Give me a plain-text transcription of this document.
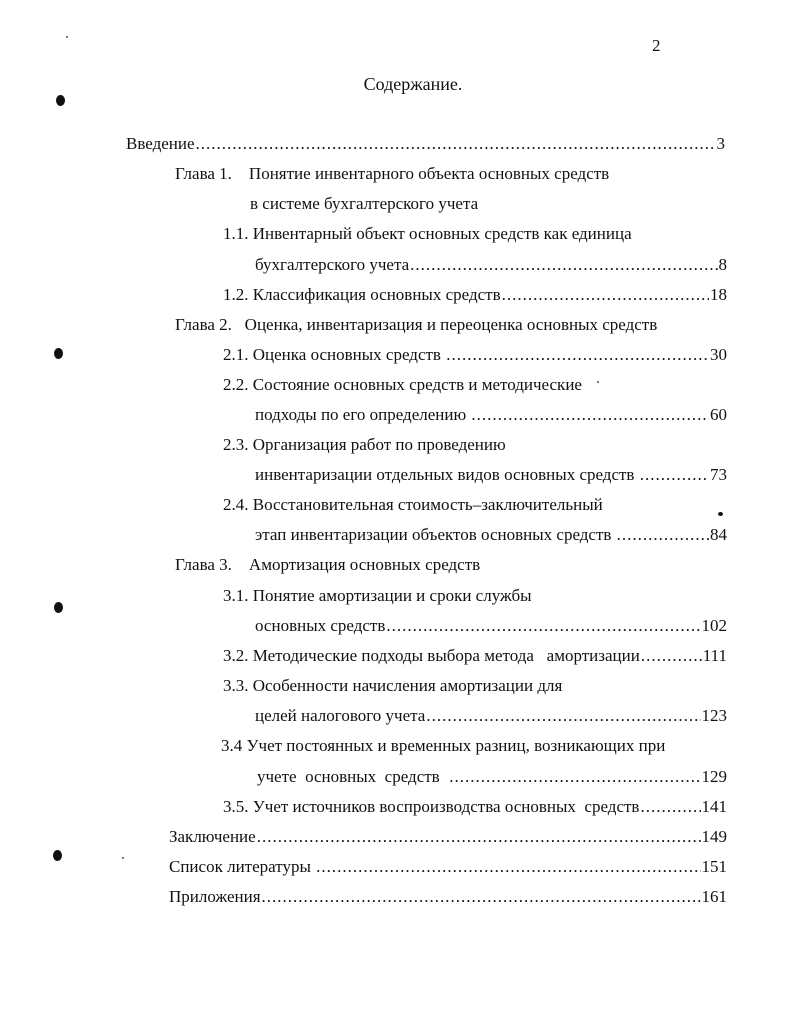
2
Содержание.
Введение .....	3
Глава 1.    Понятие инвентарного объекта основных средств
в системе бухгалтерского учета
1.1. Инвентарный объект основных средств как единица
бухгалтерского учета .....	8
1.2. Классификация основных средств .....	18
Глава 2.   Оценка, инвентаризация и переоценка основных средств
2.1. Оценка основных средств .....	30
2.2. Состояние основных средств и методические
подходы по его определению .....	60
2.3. Организация работ по проведению
инвентаризации отдельных видов основных средств .....	73
2.4. Восстановительная стоимость–заключительный
этап инвентаризации объектов основных средств .....	84
Глава 3.    Амортизация основных средств
3.1. Понятие амортизации и сроки службы
основных средств .....	102
3.2. Методические подходы выбора метода   амортизации .....	111
3.3. Особенности начисления амортизации для
целей налогового учета .....	123
3.4 Учет постоянных и временных разниц, возникающих при
учете  основных  средств .....	129
3.5. Учет источников воспроизводства основных  средств .....	141
Заключение .....	149
Список литературы .....	151
Приложения .....	161
